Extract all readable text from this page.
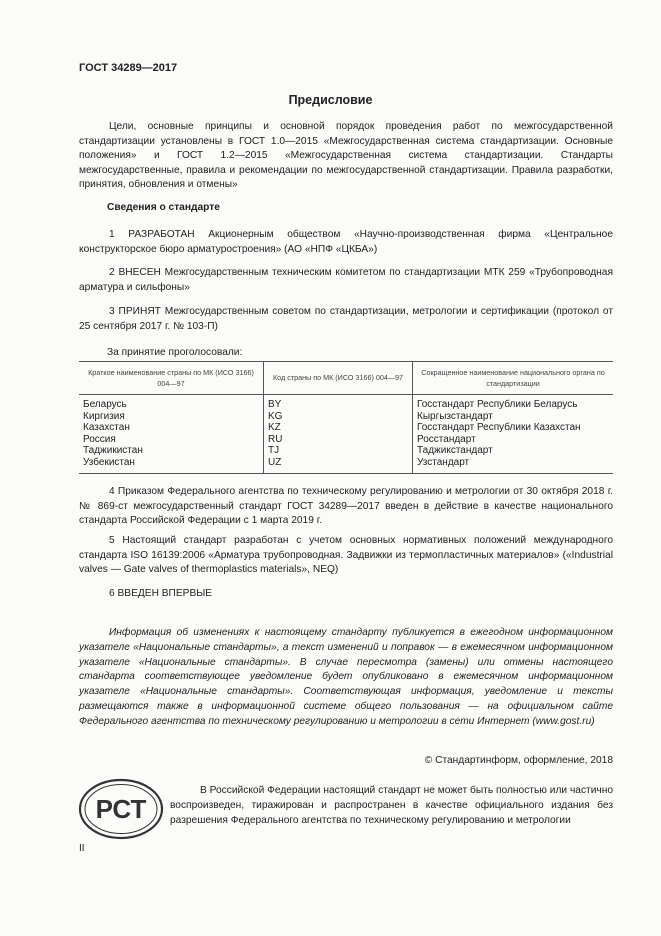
ГОСТ 34289—2017
Предисловие
Цели, основные принципы и основной порядок проведения работ по межгосударственной стандартизации установлены в ГОСТ 1.0—2015 «Межгосударственная система стандартизации. Основные положения» и ГОСТ 1.2—2015 «Межгосударственная система стандартизации. Стандарты межгосударственные, правила и рекомендации по межгосударственной стандартизации. Правила разработки, принятия, обновления и отмены»
Сведения о стандарте
1 РАЗРАБОТАН Акционерным обществом «Научно-производственная фирма «Центральное конструкторское бюро арматуростроения» (АО «НПФ «ЦКБА»)
2 ВНЕСЕН Межгосударственным техническим комитетом по стандартизации МТК 259 «Трубопроводная арматура и сильфоны»
3 ПРИНЯТ Межгосударственным советом по стандартизации, метрологии и сертификации (протокол от 25 сентября 2017 г. № 103-П)
За принятие проголосовали:
Краткое наименование страны по МК (ИСО 3166) 004—97	Код страны по МК (ИСО 3166) 004—97	Сокращенное наименование национального органа по стандартизации
Беларусь	BY	Госстандарт Республики Беларусь
Киргизия	KG	Кыргызстандарт
Казахстан	KZ	Госстандарт Республики Казахстан
Россия	RU	Росстандарт
Таджикистан	TJ	Таджикстандарт
Узбекистан	UZ	Узстандарт
4 Приказом Федерального агентства по техническому регулированию и метрологии от 30 октября 2018 г. № 869-ст межгосударственный стандарт ГОСТ 34289—2017 введен в действие в качестве национального стандарта Российской Федерации с 1 марта 2019 г.
5 Настоящий стандарт разработан с учетом основных нормативных положений международного стандарта ISO 16139:2006 «Арматура трубопроводная. Задвижки из термопластичных материалов» («Industrial valves — Gate valves of thermoplastics materials», NEQ)
6 ВВЕДЕН ВПЕРВЫЕ
Информация об изменениях к настоящему стандарту публикуется в ежегодном информационном указателе «Национальные стандарты», а текст изменений и поправок — в ежемесячном информационном указателе «Национальные стандарты». В случае пересмотра (замены) или отмены настоящего стандарта соответствующее уведомление будет опубликовано в ежемесячном информационном указателе «Национальные стандарты». Соответствующая информация, уведомление и тексты размещаются также в информационной системе общего пользования — на официальном сайте Федерального агентства по техническому регулированию и метрологии в сети Интернет (www.gost.ru)
© Стандартинформ, оформление, 2018
РСТ
В Российской Федерации настоящий стандарт не может быть полностью или частично воспроизведен, тиражирован и распространен в качестве официального издания без разрешения Федерального агентства по техническому регулированию и метрологии
II
